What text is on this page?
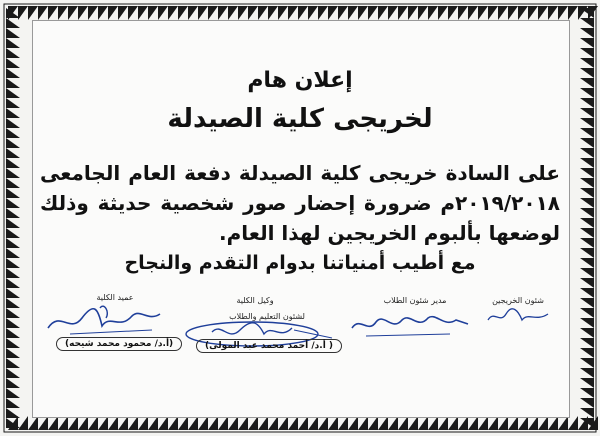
إعلان هام
لخريجى كلية الصيدلة
على السادة خريجى كلية الصيدلة دفعة العام الجامعى
٢٠١٩/٢٠١٨م ضرورة إحضار صور شخصية حديثة وذلك
لوضعها بألبوم الخريجين لهذا العام.
مع أطيب أمنياتنا بدوام التقدم والنجاح
عميد الكلية
(أ.د/ محمود محمد شيحه)
وكيل الكلية
لشئون التعليم والطلاب
( أ.د/ أحمد محمد عبد المولى)
مدير شئون الطلاب	شئون الخريجين
